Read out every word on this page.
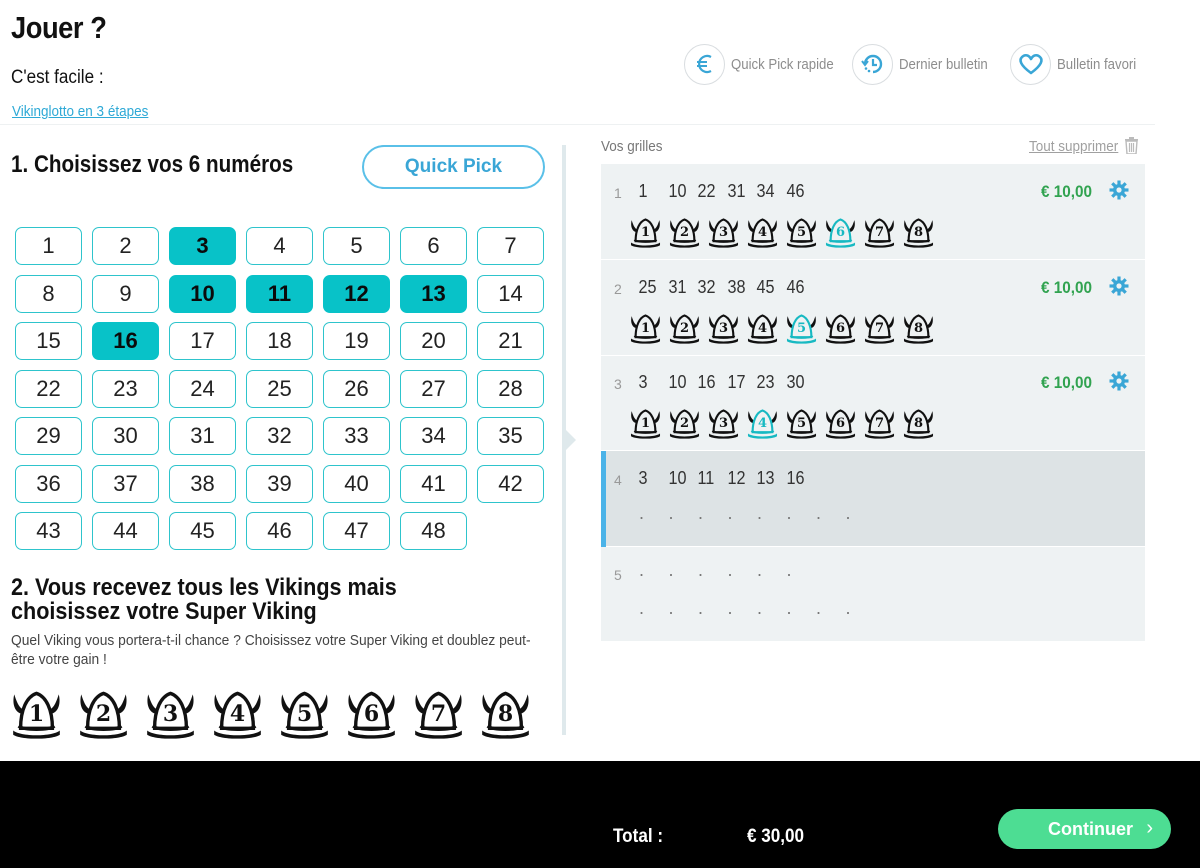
Jouer ?
C'est facile :
Vikinglotto en 3 étapes
Quick Pick rapide	Dernier bulletin	Bulletin favori
1. Choisissez vos 6 numéros	Quick Pick
1	2	3	4	5	6	7
8	9	10	11	12	13	14
15	16	17	18	19	20	21
22	23	24	25	26	27	28
29	30	31	32	33	34	35
36	37	38	39	40	41	42
43	44	45	46	47	48
2. Vous recevez tous les Vikings mais choisissez votre Super Viking
Quel Viking vous portera-t-il chance ? Choisissez votre Super Viking et doublez peut-être votre gain !
1	2	3	4	5	6	7	8
Vos grilles	Tout supprimer
1 1	10 22 31 34 46	€ 10,00
1	2	3	4	5	6	7	8
2 25 31 32 38 45 46	€ 10,00
1	2	3	4	5	6	7	8
3 3	10 16 17 23 30	€ 10,00
1	2	3	4	5	6	7	8
4 3	10 11 12 13 16
.	.	.	.	.	.	.	.
5 .	.	.	.	.	.
.	.	.	.	.	.	.	.
Total :	€ 30,00	Continuer ›
